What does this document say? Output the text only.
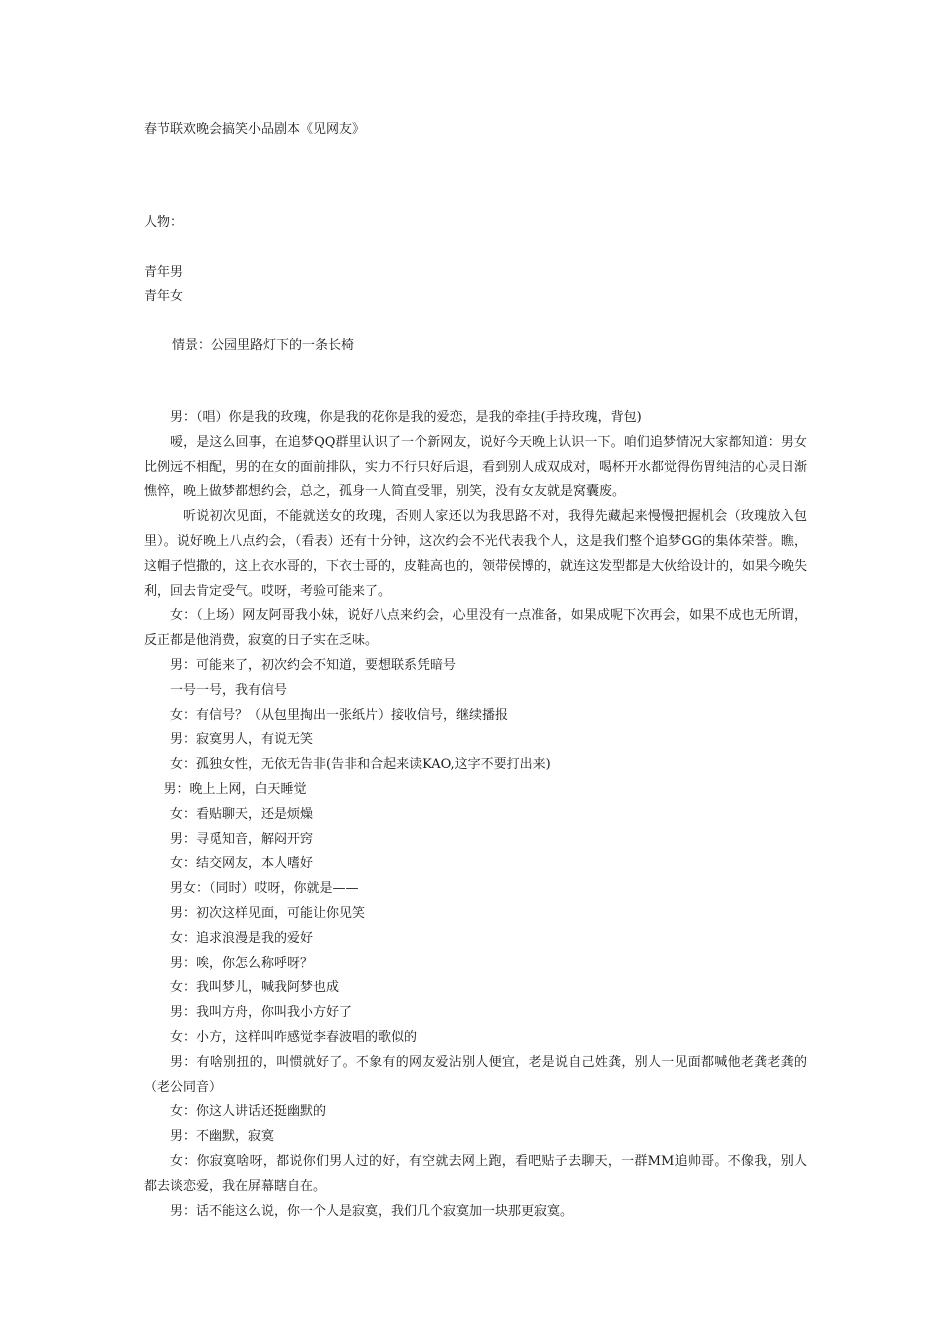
春节联欢晚会搞笑小品剧本《见网友》
人物：
青年男
青年女
情景：公园里路灯下的一条长椅

男：（唱）你是我的玫瑰，你是我的花你是我的爱恋，是我的牵挂(手持玫瑰，背包)

嗳，是这么回事，在追梦QQ群里认识了一个新网友，说好今天晚上认识一下。咱们追梦情况大家都知道：男女比例远不相配，男的在女的面前排队，实力不行只好后退，看到别人成双成对，喝杯开水都觉得伤胃纯洁的心灵日渐憔悴，晚上做梦都想约会，总之，孤身一人简直受罪，别笑，没有女友就是窝囊废。

听说初次见面，不能就送女的玫瑰，否则人家还以为我思路不对，我得先藏起来慢慢把握机会（玫瑰放入包里）。说好晚上八点约会，（看表）还有十分钟，这次约会不光代表我个人，这是我们整个追梦GG的集体荣誉。瞧，这帽子恺撒的，这上衣水哥的，下衣士哥的，皮鞋高也的，领带侯博的，就连这发型都是大伙给设计的，如果今晚失利，回去肯定受气。哎呀，考验可能来了。

女：（上场）网友阿哥我小妹，说好八点来约会，心里没有一点准备，如果成呢下次再会，如果不成也无所谓，反正都是他消费，寂寞的日子实在乏味。

男：可能来了，初次约会不知道，要想联系凭暗号

一号一号，我有信号

女：有信号？（从包里掏出一张纸片）接收信号，继续播报

男：寂寞男人，有说无笑

女：孤独女性，无依无告非(告非和合起来读KAO,这字不要打出来)

男：晚上上网，白天睡觉

女：看贴聊天，还是烦燥

男：寻觅知音，解闷开窍

女：结交网友，本人嗜好

男女：（同时）哎呀，你就是——

男：初次这样见面，可能让你见笑

女：追求浪漫是我的爱好

男：唉，你怎么称呼呀？

女：我叫梦儿，喊我阿梦也成

男：我叫方舟，你叫我小方好了

女：小方，这样叫咋感觉李春波唱的歌似的

男：有啥别扭的，叫惯就好了。不象有的网友爱沾别人便宜，老是说自己姓龚，别人一见面都喊他老龚老龚的（老公同音）

女：你这人讲话还挺幽默的

男：不幽默，寂寞

女：你寂寞啥呀，都说你们男人过的好，有空就去网上跑，看吧贴子去聊天，一群MM追帅哥。不像我，别人都去谈恋爱，我在屏幕瞎自在。

男：话不能这么说，你一个人是寂寞，我们几个寂寞加一块那更寂寞。
